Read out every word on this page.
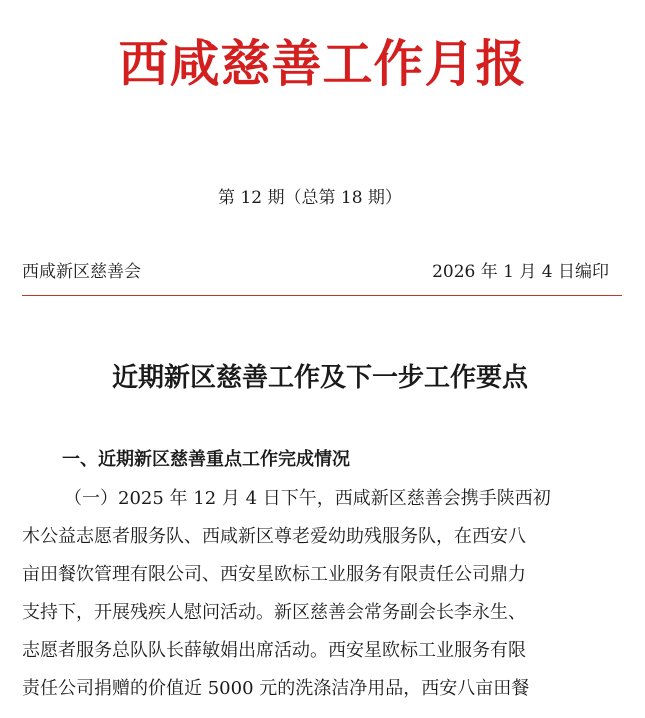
西咸慈善工作月报
第 12 期（总第 18 期）
西咸新区慈善会	2026 年 1 月 4 日编印
近期新区慈善工作及下一步工作要点
一、近期新区慈善重点工作完成情况
（一）2025 年 12 月 4 日下午，西咸新区慈善会携手陕西初
木公益志愿者服务队、西咸新区尊老爱幼助残服务队，在西安八
亩田餐饮管理有限公司、西安星欧标工业服务有限责任公司鼎力
支持下，开展残疾人慰问活动。新区慈善会常务副会长李永生、
志愿者服务总队队长薛敏娟出席活动。西安星欧标工业服务有限
责任公司捐赠的价值近 5000 元的洗涤洁净用品，西安八亩田餐
